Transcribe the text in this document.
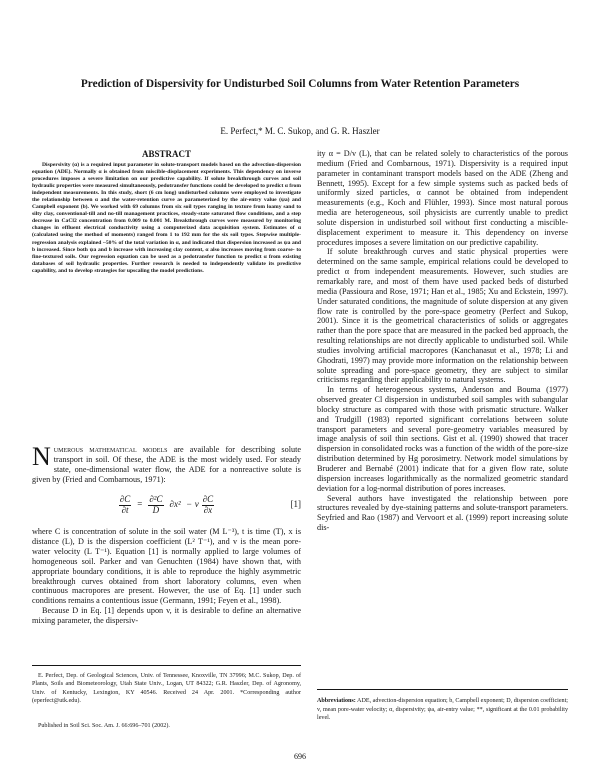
Prediction of Dispersivity for Undisturbed Soil Columns from Water Retention Parameters
E. Perfect,* M. C. Sukop, and G. R. Haszler
ABSTRACT

Dispersivity (α) is a required input parameter in solute-transport models based on the advection-dispersion equation (ADE). Normally α is obtained from miscible-displacement experiments. This dependency on inverse procedures imposes a severe limitation on our predictive capability. If solute breakthrough curves and soil hydraulic properties were measured simultaneously, pedotransfer functions could be developed to predict α from independent measurements. In this study, short (6 cm long) undisturbed columns were employed to investigate the relationship between α and the water-retention curve as parameterized by the air-entry value (ψa) and Campbell exponent (b). We worked with 69 columns from six soil types ranging in texture from loamy sand to silty clay, conventional-till and no-till management practices, steady-state saturated flow conditions, and a step decrease in CaCl2 concentration from 0.009 to 0.001 M. Breakthrough curves were measured by monitoring changes in effluent electrical conductivity using a computerized data acquisition system. Estimates of α (calculated using the method of moments) ranged from 1 to 192 mm for the six soil types. Stepwise multiple-regression analysis explained ~50% of the total variation in α, and indicated that dispersion increased as ψa and b increased. Since both ψa and b increase with increasing clay content, α also increases moving from coarse- to fine-textured soils. Our regression equation can be used as a pedotransfer function to predict α from existing databases of soil hydraulic properties. Further research is needed to independently validate its predictive capability, and to develop strategies for upscaling the model predictions.

Numerous mathematical models are available for describing solute transport in soil. Of these, the ADE is the most widely used. For steady state, one-dimensional water flow, the ADE for a nonreactive solute is given by (Fried and Combarnous, 1971):

$\frac{\partial C}{\partial t} = \frac{\text{∂²C}}{D} \partial x^2 - v \frac{\partial C}{\partial x}$	[1]

where C is concentration of solute in the soil water (M L⁻³), t is time (T), x is distance (L), D is the dispersion coefficient (L² T⁻¹), and v is the mean pore-water velocity (L T⁻¹). Equation [1] is normally applied to large volumes of homogeneous soil. Parker and van Genuchten (1984) have shown that, with appropriate boundary conditions, it is able to reproduce the highly asymmetric breakthrough curves obtained from short laboratory columns, even when continuous macropores are present. However, the use of Eq. [1] under such conditions remains a contentious issue (Germann, 1991; Feyen et al., 1998).

Because D in Eq. [1] depends upon v, it is desirable to define an alternative mixing parameter, the dispersiv-

E. Perfect, Dep. of Geological Sciences, Univ. of Tennessee, Knoxville, TN 37996; M.C. Sukop, Dep. of Plants, Soils and Biometeorology, Utah State Univ., Logan, UT 84322; G.R. Haszler, Dep. of Agronomy, Univ. of Kentucky, Lexington, KY 40546. Received 24 Apr. 2001. *Corresponding author (eperfect@utk.edu).

Published in Soil Sci. Soc. Am. J. 66:696–701 (2002).

ity α = D/v (L), that can be related solely to characteristics of the porous medium (Fried and Combarnous, 1971). Dispersivity is a required input parameter in contaminant transport models based on the ADE (Zheng and Bennett, 1995). Except for a few simple systems such as packed beds of uniformly sized particles, α cannot be obtained from independent measurements (e.g., Koch and Flühler, 1993). Since most natural porous media are heterogeneous, soil physicists are currently unable to predict solute dispersion in undisturbed soil without first conducting a miscible-displacement experiment to measure it. This dependency on inverse procedures imposes a severe limitation on our predictive capability.

If solute breakthrough curves and static physical properties were determined on the same sample, empirical relations could be developed to predict α from independent measurements. However, such studies are remarkably rare, and most of them have used packed beds of disturbed media (Passioura and Rose, 1971; Han et al., 1985; Xu and Eckstein, 1997). Under saturated conditions, the magnitude of solute dispersion at any given flow rate is controlled by the pore-space geometry (Perfect and Sukop, 2001). Since it is the geometrical characteristics of solids or aggregates rather than the pore space that are measured in the packed bed approach, the resulting relationships are not directly applicable to undisturbed soil. While studies involving artificial macropores (Kanchanasut et al., 1978; Li and Ghodrati, 1997) may provide more information on the relationship between solute spreading and pore-space geometry, they are subject to similar criticisms regarding their applicability to natural systems.

In terms of heterogeneous systems, Anderson and Bouma (1977) observed greater Cl dispersion in undisturbed soil samples with subangular blocky structure as compared with those with prismatic structure. Walker and Trudgill (1983) reported significant correlations between solute transport parameters and several pore-geometry variables measured by image analysis of soil thin sections. Gist et al. (1990) showed that tracer dispersion in consolidated rocks was a function of the width of the pore-size distribution determined by Hg porosimetry. Network model simulations by Bruderer and Bernabé (2001) indicate that for a given flow rate, solute dispersion increases logarithmically as the normalized geometric standard deviation for a log-normal distribution of pores increases.

Several authors have investigated the relationship between pore structures revealed by dye-staining patterns and solute-transport parameters. Seyfried and Rao (1987) and Vervoort et al. (1999) report increasing solute dis-

Abbreviations: ADE, advection-dispersion equation; b, Campbell exponent; D, dispersion coefficient; v, mean pore-water velocity; α, dispersivity; ψa, air-entry value; **, significant at the 0.01 probability level.
696
